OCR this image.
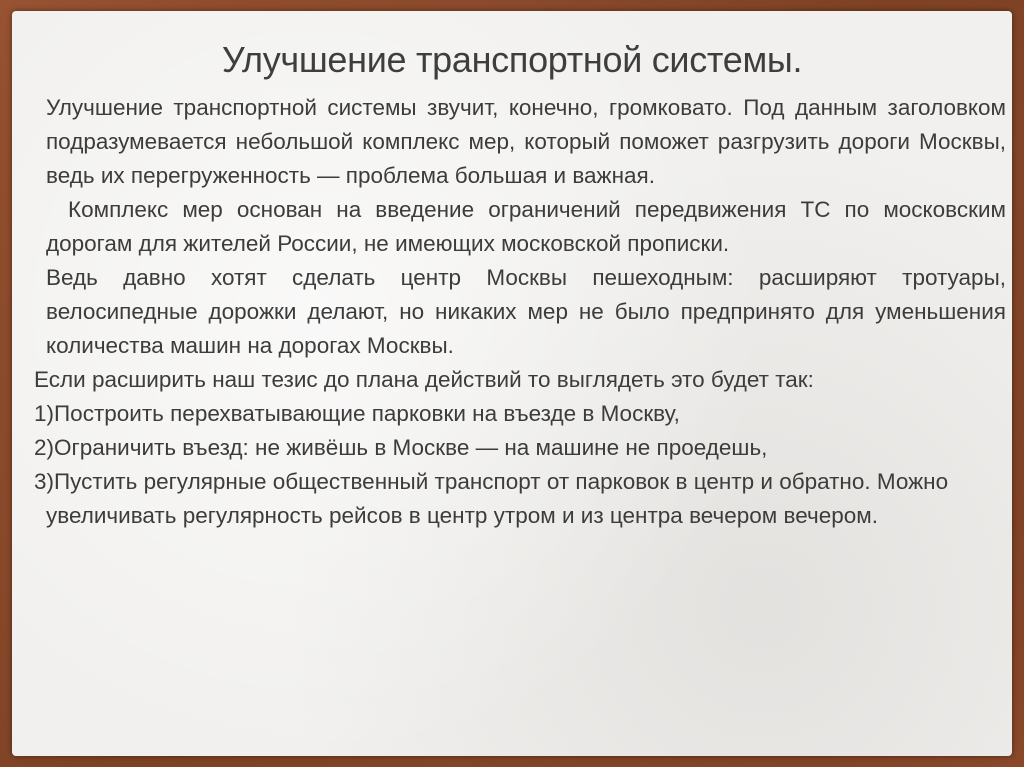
Улучшение транспортной системы.

Улучшение транспортной системы звучит, конечно, громковато. Под данным заголовком подразумевается небольшой комплекс мер, который поможет разгрузить дороги Москвы, ведь их перегруженность — проблема большая и важная.

Комплекс мер основан на введение ограничений передвижения ТС по московским дорогам для жителей России, не имеющих московской прописки.

Ведь давно хотят сделать центр Москвы пешеходным: расширяют тротуары, велосипедные дорожки делают, но никаких мер не было предпринято для уменьшения количества машин на дорогах Москвы.

Если расширить наш тезис до плана действий то выглядеть это будет так:

1)Построить перехватывающие парковки на въезде в Москву,

2)Ограничить въезд: не живёшь в Москве — на машине не проедешь,

3)Пустить регулярные общественный транспорт от парковок в центр и обратно. Можно увеличивать регулярность рейсов в центр утром и из центра вечером вечером.
